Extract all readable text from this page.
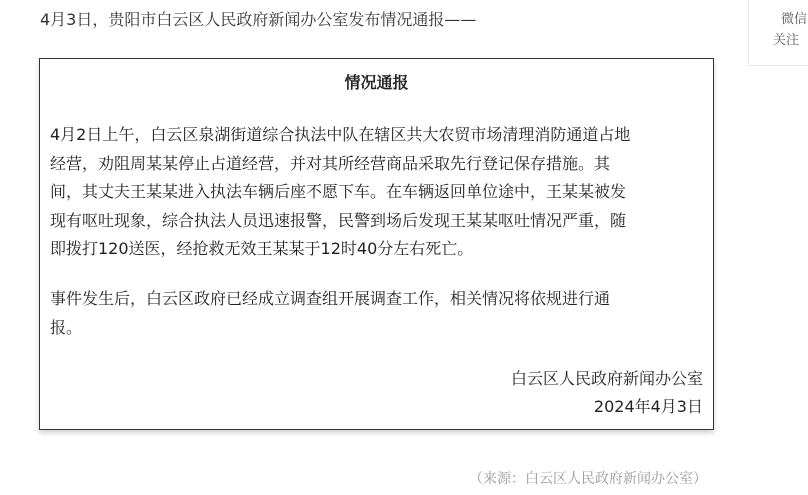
4月3日，贵阳市白云区人民政府新闻办公室发布情况通报——
情况通报
4月2日上午，白云区泉湖街道综合执法中队在辖区共大农贸市场清理消防通道占地
经营，劝阻周某某停止占道经营，并对其所经营商品采取先行登记保存措施。其
间，其丈夫王某某进入执法车辆后座不愿下车。在车辆返回单位途中，王某某被发
现有呕吐现象，综合执法人员迅速报警，民警到场后发现王某某呕吐情况严重，随
即拨打120送医，经抢救无效王某某于12时40分左右死亡。
事件发生后，白云区政府已经成立调查组开展调查工作，相关情况将依规进行通
报。
白云区人民政府新闻办公室
2024年4月3日
（来源：白云区人民政府新闻办公室）
微信
关注
